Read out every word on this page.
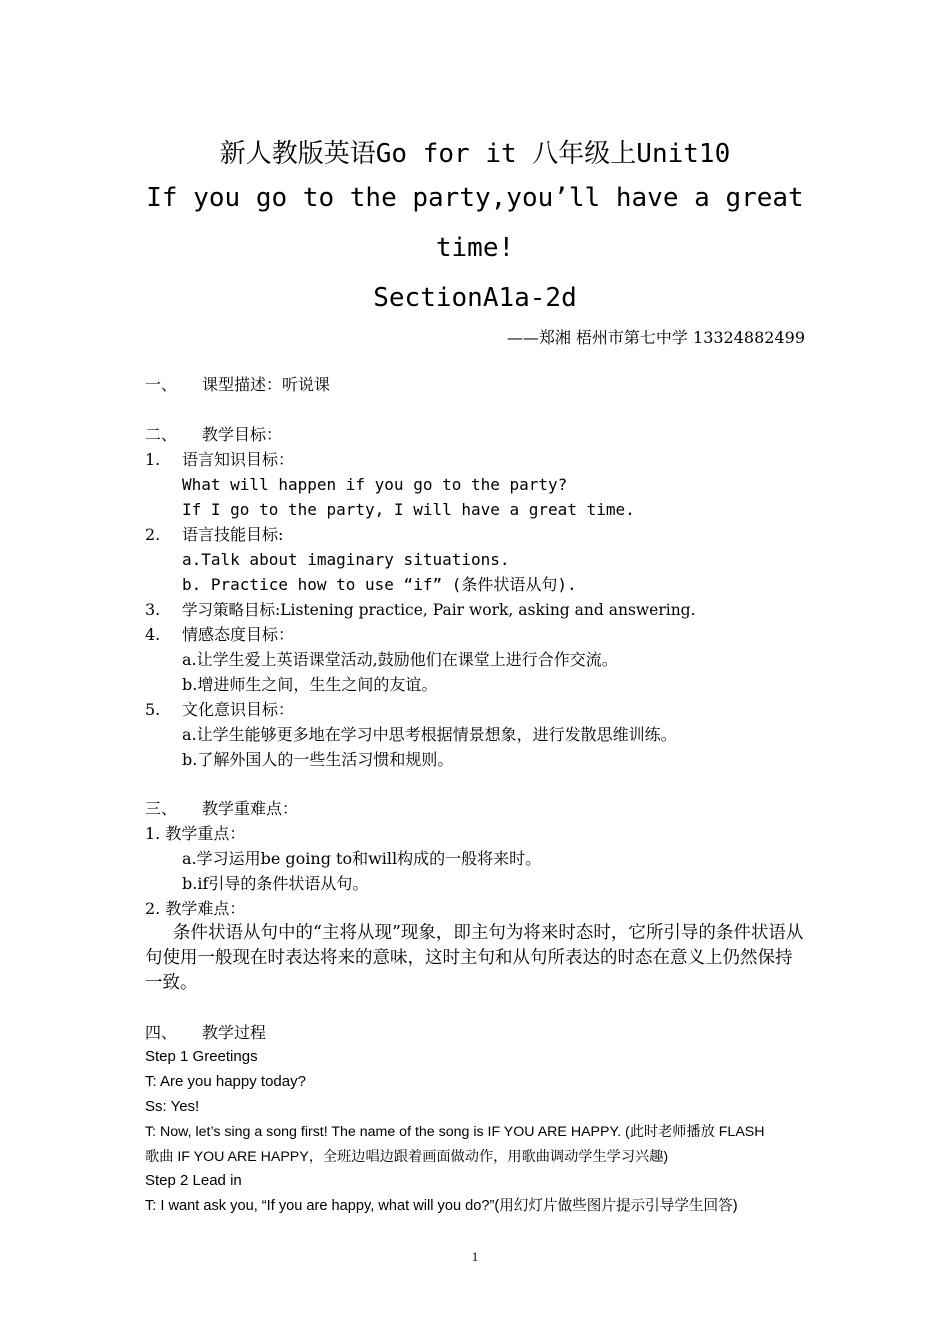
新人教版英语Go for it 八年级上Unit10
If you go to the party,you’ll have a great
time!
SectionA1a-2d
——郑湘 梧州市第七中学 13324882499
一、 课型描述：听说课
二、 教学目标：
1. 语言知识目标：
What will happen if you go to the party?
If I go to the party, I will have a great time.
2. 语言技能目标:
a.Talk about imaginary situations.
b. Practice how to use “if” (条件状语从句).
3. 学习策略目标:Listening practice, Pair work, asking and answering.
4. 情感态度目标：
a.让学生爱上英语课堂活动,鼓励他们在课堂上进行合作交流。
b.增进师生之间，生生之间的友谊。
5. 文化意识目标：
a.让学生能够更多地在学习中思考根据情景想象，进行发散思维训练。
b.了解外国人的一些生活习惯和规则。
三、 教学重难点：
1. 教学重点：
a.学习运用be going to和will构成的一般将来时。
b.if引导的条件状语从句。
2. 教学难点：
条件状语从句中的“主将从现”现象，即主句为将来时态时，它所引导的条件状语从句使用一般现在时表达将来的意味，这时主句和从句所表达的时态在意义上仍然保持一致。
四、 教学过程
Step 1 Greetings
T: Are you happy today?
Ss: Yes!
T: Now, let’s sing a song first! The name of the song is IF YOU ARE HAPPY. (此时老师播放 FLASH
歌曲 IF YOU ARE HAPPY，全班边唱边跟着画面做动作，用歌曲调动学生学习兴趣)
Step 2 Lead in
T: I want ask you, “If you are happy, what will you do?”(用幻灯片做些图片提示引导学生回答)
1
